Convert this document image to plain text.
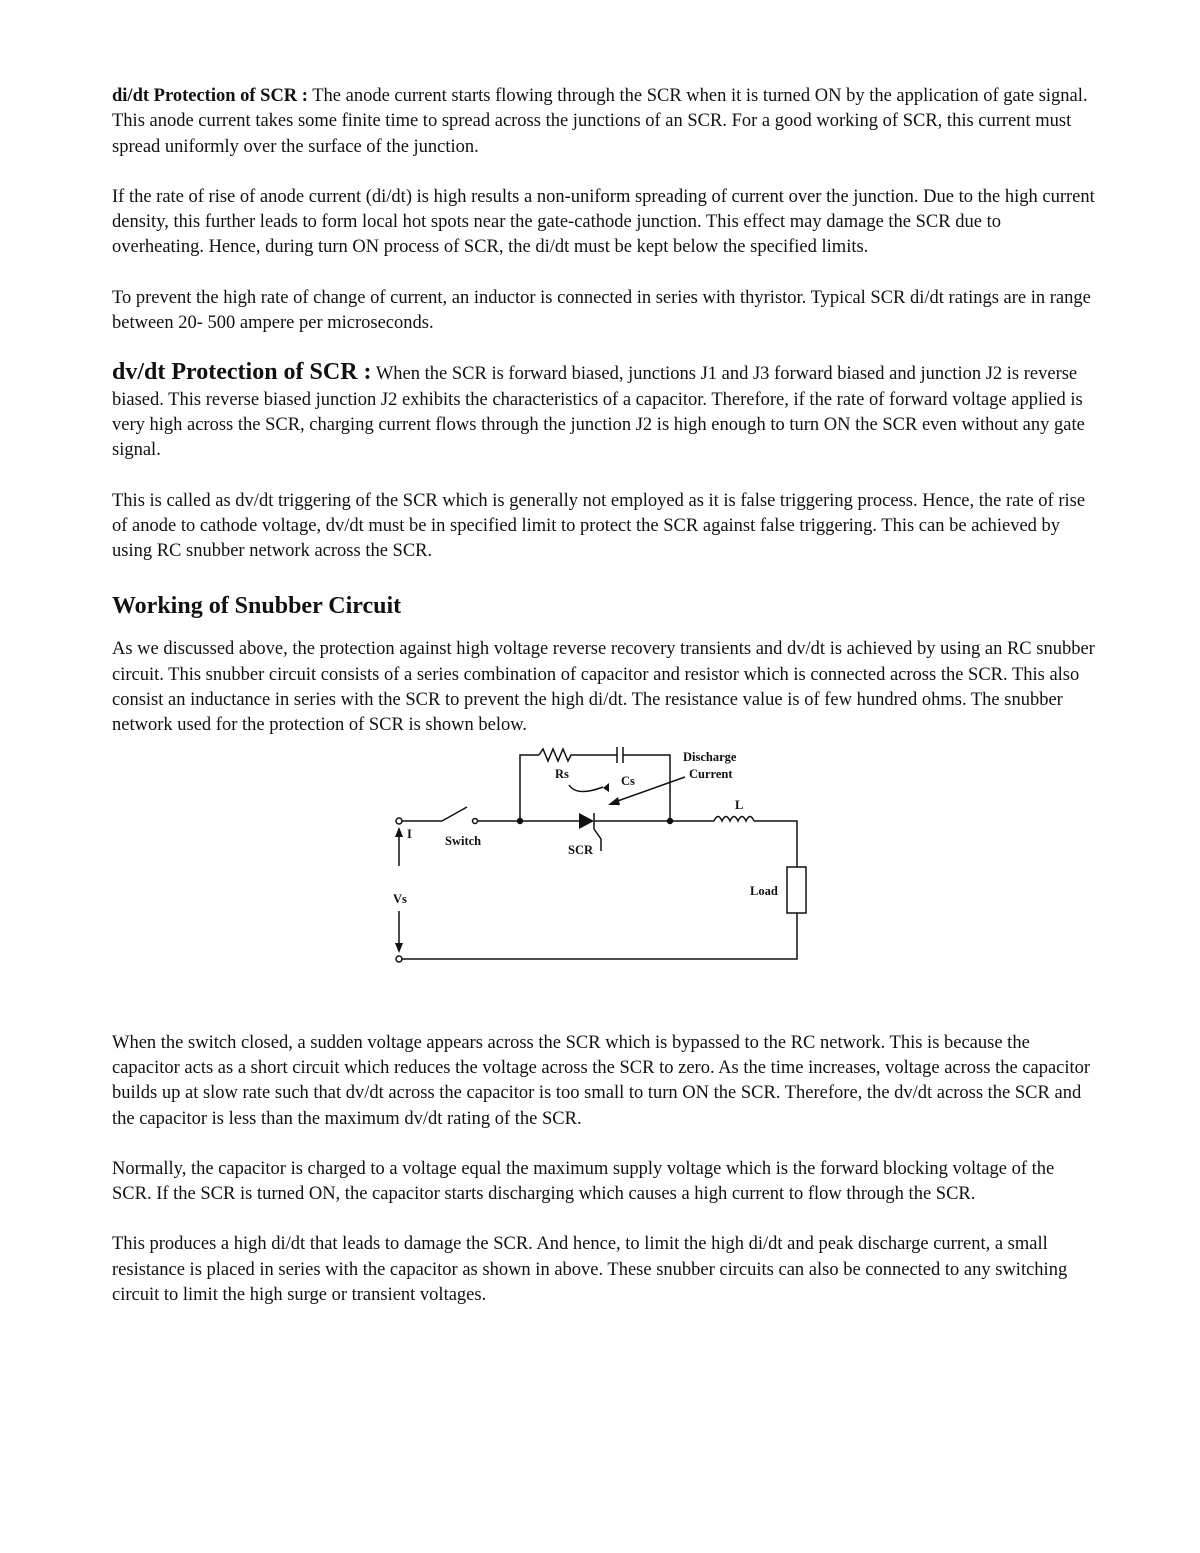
di/dt Protection of SCR : The anode current starts flowing through the SCR when it is turned ON by the application of gate signal. This anode current takes some finite time to spread across the junctions of an SCR. For a good working of SCR, this current must spread uniformly over the surface of the junction.

If the rate of rise of anode current (di/dt) is high results a non-uniform spreading of current over the junction. Due to the high current density, this further leads to form local hot spots near the gate-cathode junction. This effect may damage the SCR due to overheating. Hence, during turn ON process of SCR, the di/dt must be kept below the specified limits.

To prevent the high rate of change of current, an inductor is connected in series with thyristor. Typical SCR di/dt ratings are in range between 20- 500 ampere per microseconds.

dv/dt Protection of SCR : When the SCR is forward biased, junctions J1 and J3 forward biased and junction J2 is reverse biased. This reverse biased junction J2 exhibits the characteristics of a capacitor. Therefore, if the rate of forward voltage applied is very high across the SCR, charging current flows through the junction J2 is high enough to turn ON the SCR even without any gate signal.

This is called as dv/dt triggering of the SCR which is generally not employed as it is false triggering process. Hence, the rate of rise of anode to cathode voltage, dv/dt must be in specified limit to protect the SCR against false triggering. This can be achieved by using RC snubber network across the SCR.

Working of Snubber Circuit

As we discussed above, the protection against high voltage reverse recovery transients and dv/dt is achieved by using an RC snubber circuit. This snubber circuit consists of a series combination of capacitor and resistor which is connected across the SCR. This also consist an inductance in series with the SCR to prevent the high di/dt. The resistance value is of few hundred ohms. The snubber network used for the protection of SCR is shown below.

Rs	Cs
Discharge
Current
L
Switch
SCR
Load
Vs
I

When the switch closed, a sudden voltage appears across the SCR which is bypassed to the RC network. This is because the capacitor acts as a short circuit which reduces the voltage across the SCR to zero. As the time increases, voltage across the capacitor builds up at slow rate such that dv/dt across the capacitor is too small to turn ON the SCR. Therefore, the dv/dt across the SCR and the capacitor is less than the maximum dv/dt rating of the SCR.

Normally, the capacitor is charged to a voltage equal the maximum supply voltage which is the forward blocking voltage of the SCR. If the SCR is turned ON, the capacitor starts discharging which causes a high current to flow through the SCR.

This produces a high di/dt that leads to damage the SCR. And hence, to limit the high di/dt and peak discharge current, a small resistance is placed in series with the capacitor as shown in above. These snubber circuits can also be connected to any switching circuit to limit the high surge or transient voltages.
